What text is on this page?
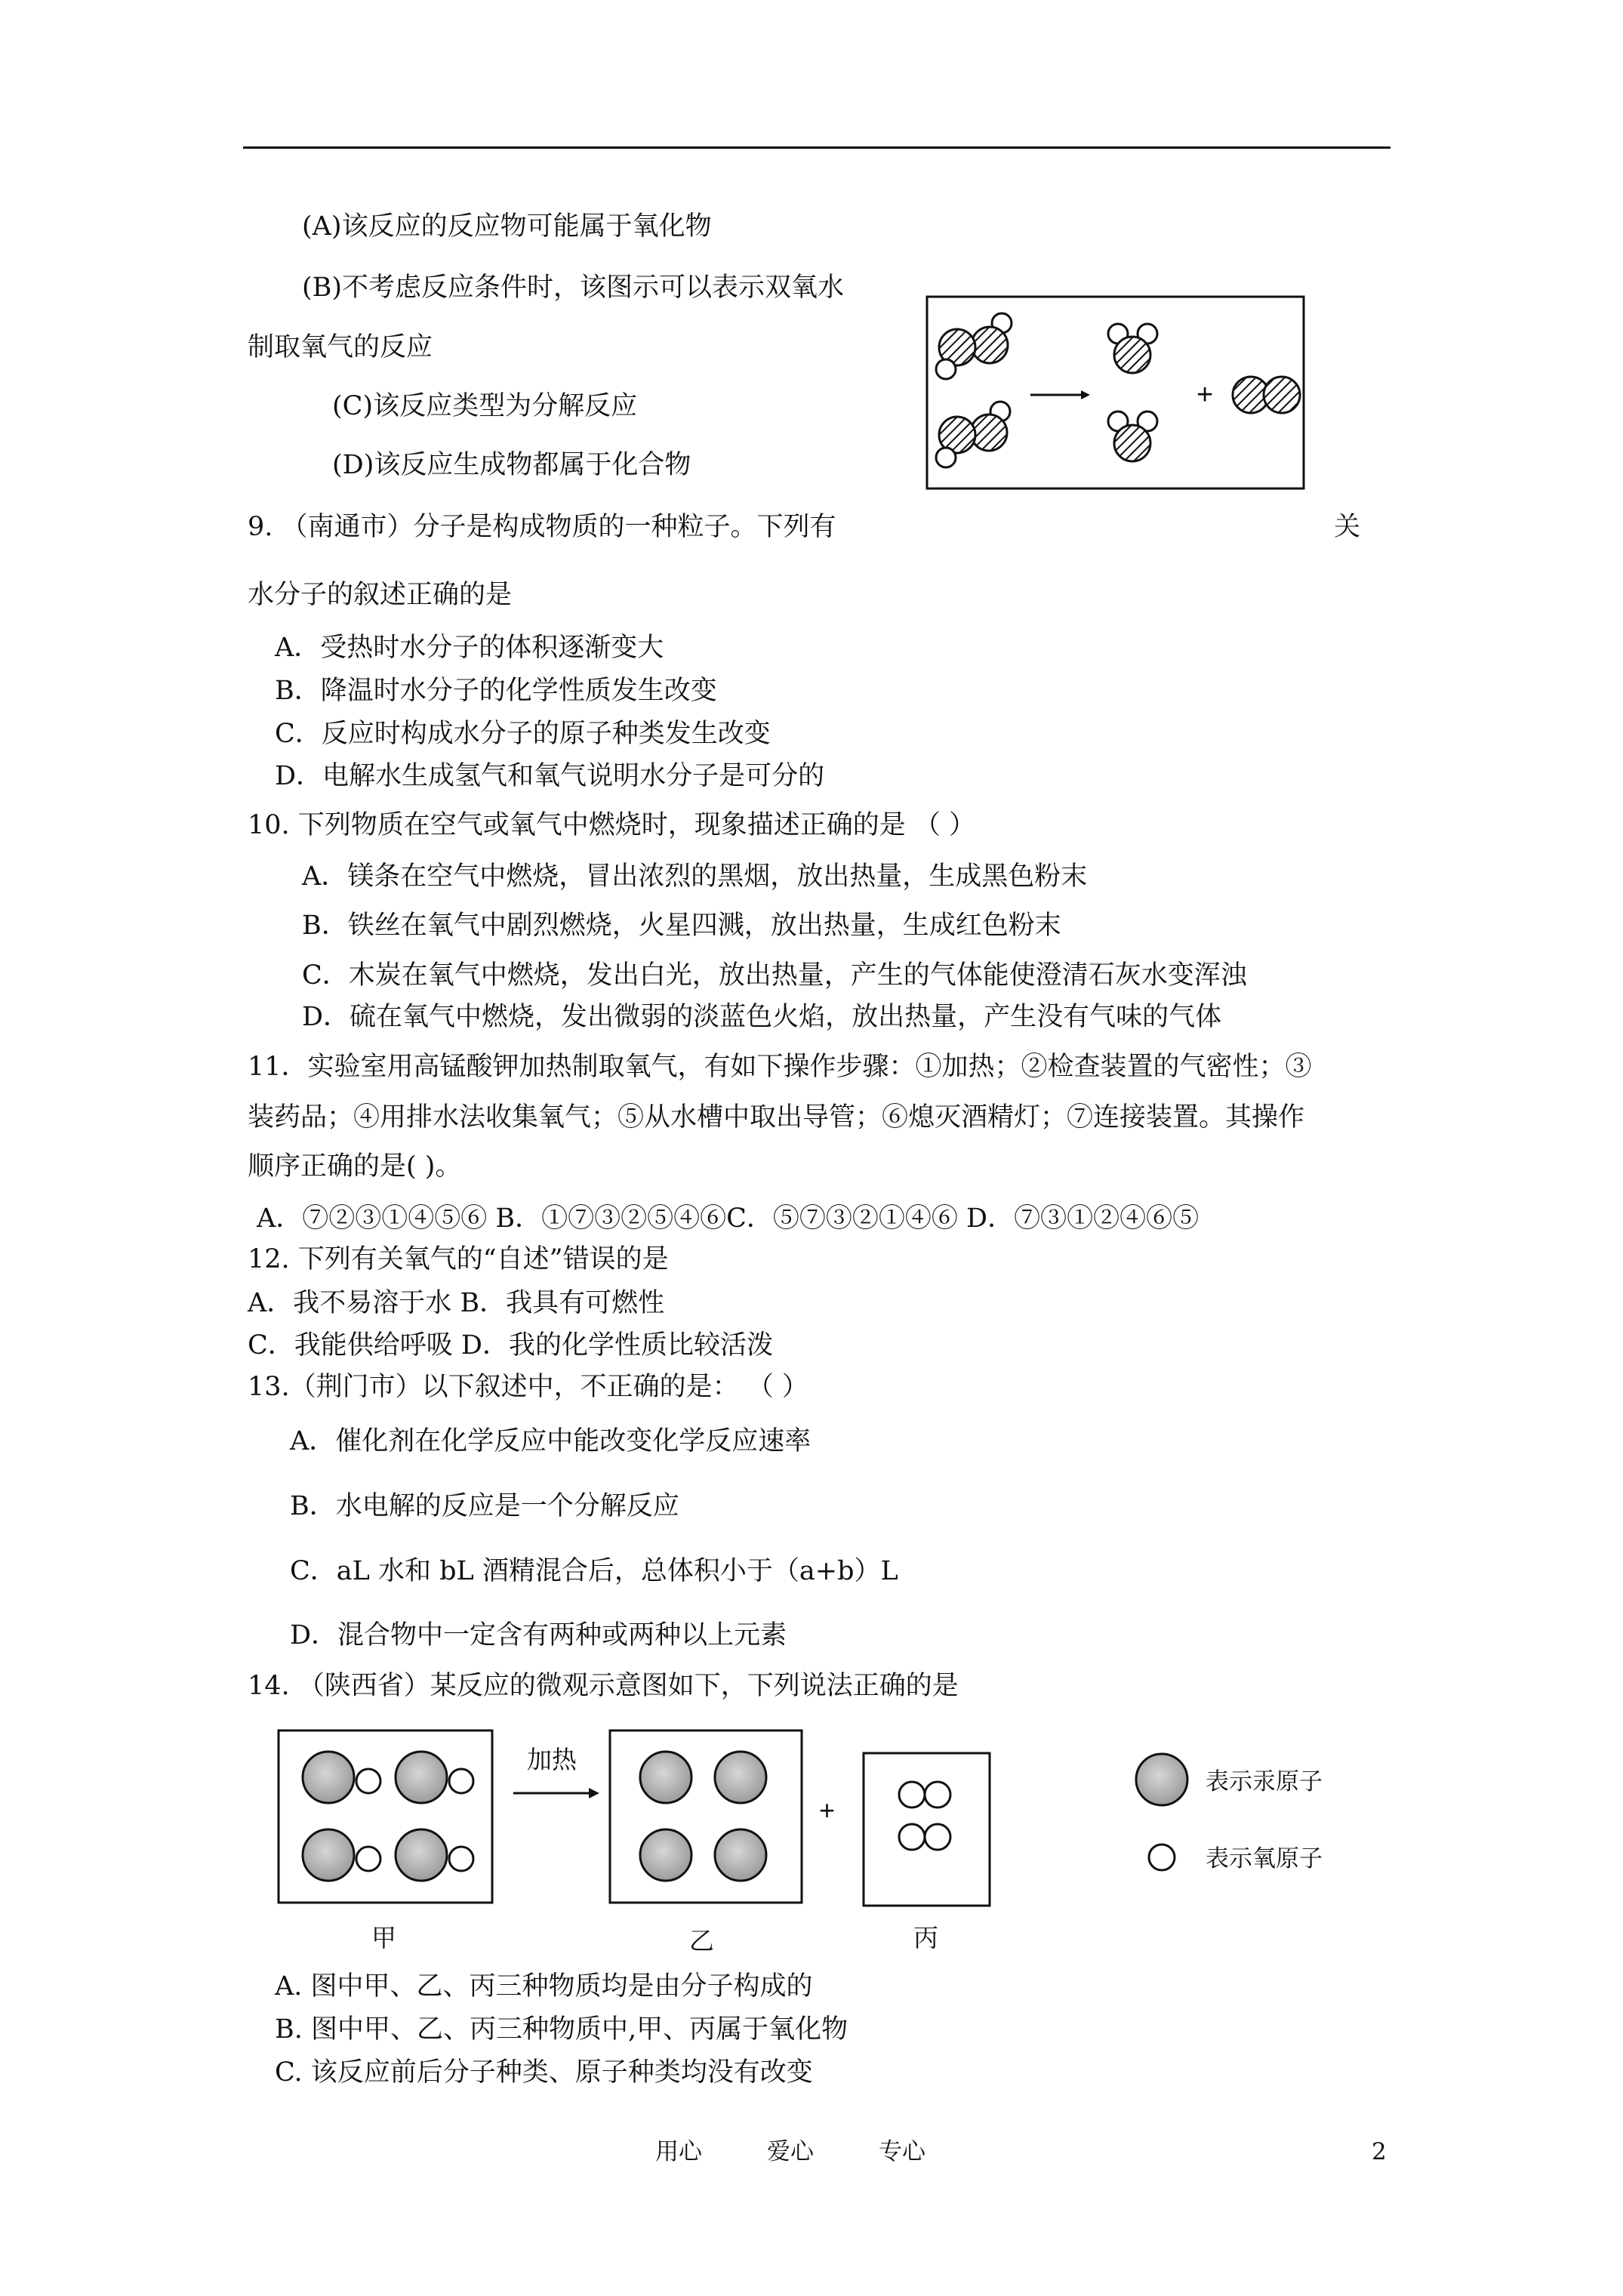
(A)该反应的反应物可能属于氧化物
(B)不考虑反应条件时，该图示可以表示双氧水
制取氧气的反应
(C)该反应类型为分解反应
(D)该反应生成物都属于化合物
+
9. （南通市）分子是构成物质的一种粒子。下列有	关
水分子的叙述正确的是
A．受热时水分子的体积逐渐变大
B．降温时水分子的化学性质发生改变
C．反应时构成水分子的原子种类发生改变
D．电解水生成氢气和氧气说明水分子是可分的
10. 下列物质在空气或氧气中燃烧时，现象描述正确的是 （ ）
A．镁条在空气中燃烧，冒出浓烈的黑烟，放出热量，生成黑色粉末
B．铁丝在氧气中剧烈燃烧，火星四溅，放出热量，生成红色粉末
C．木炭在氧气中燃烧，发出白光，放出热量，产生的气体能使澄清石灰水变浑浊
D．硫在氧气中燃烧，发出微弱的淡蓝色火焰，放出热量，产生没有气味的气体
11．实验室用高锰酸钾加热制取氧气，有如下操作步骤：①加热；②检查装置的气密性；③
装药品；④用排水法收集氧气；⑤从水槽中取出导管；⑥熄灭酒精灯；⑦连接装置。其操作
顺序正确的是( )。
A．⑦②③①④⑤⑥ B．①⑦③②⑤④⑥C．⑤⑦③②①④⑥ D．⑦③①②④⑥⑤
12. 下列有关氧气的“自述”错误的是
A．我不易溶于水 B．我具有可燃性
C．我能供给呼吸 D．我的化学性质比较活泼
13.（荆门市）以下叙述中，不正确的是： （ ）
A．催化剂在化学反应中能改变化学反应速率
B．水电解的反应是一个分解反应
C．aL 水和 bL 酒精混合后，总体积小于（a+b）L
D．混合物中一定含有两种或两种以上元素
14. （陕西省）某反应的微观示意图如下，下列说法正确的是
加热
+
表示汞原子
表示氧原子
甲	乙	丙
A. 图中甲、乙、丙三种物质均是由分子构成的
B. 图中甲、乙、丙三种物质中,甲、丙属于氧化物
C. 该反应前后分子种类、原子种类均没有改变
用心	爱心	专心	2
